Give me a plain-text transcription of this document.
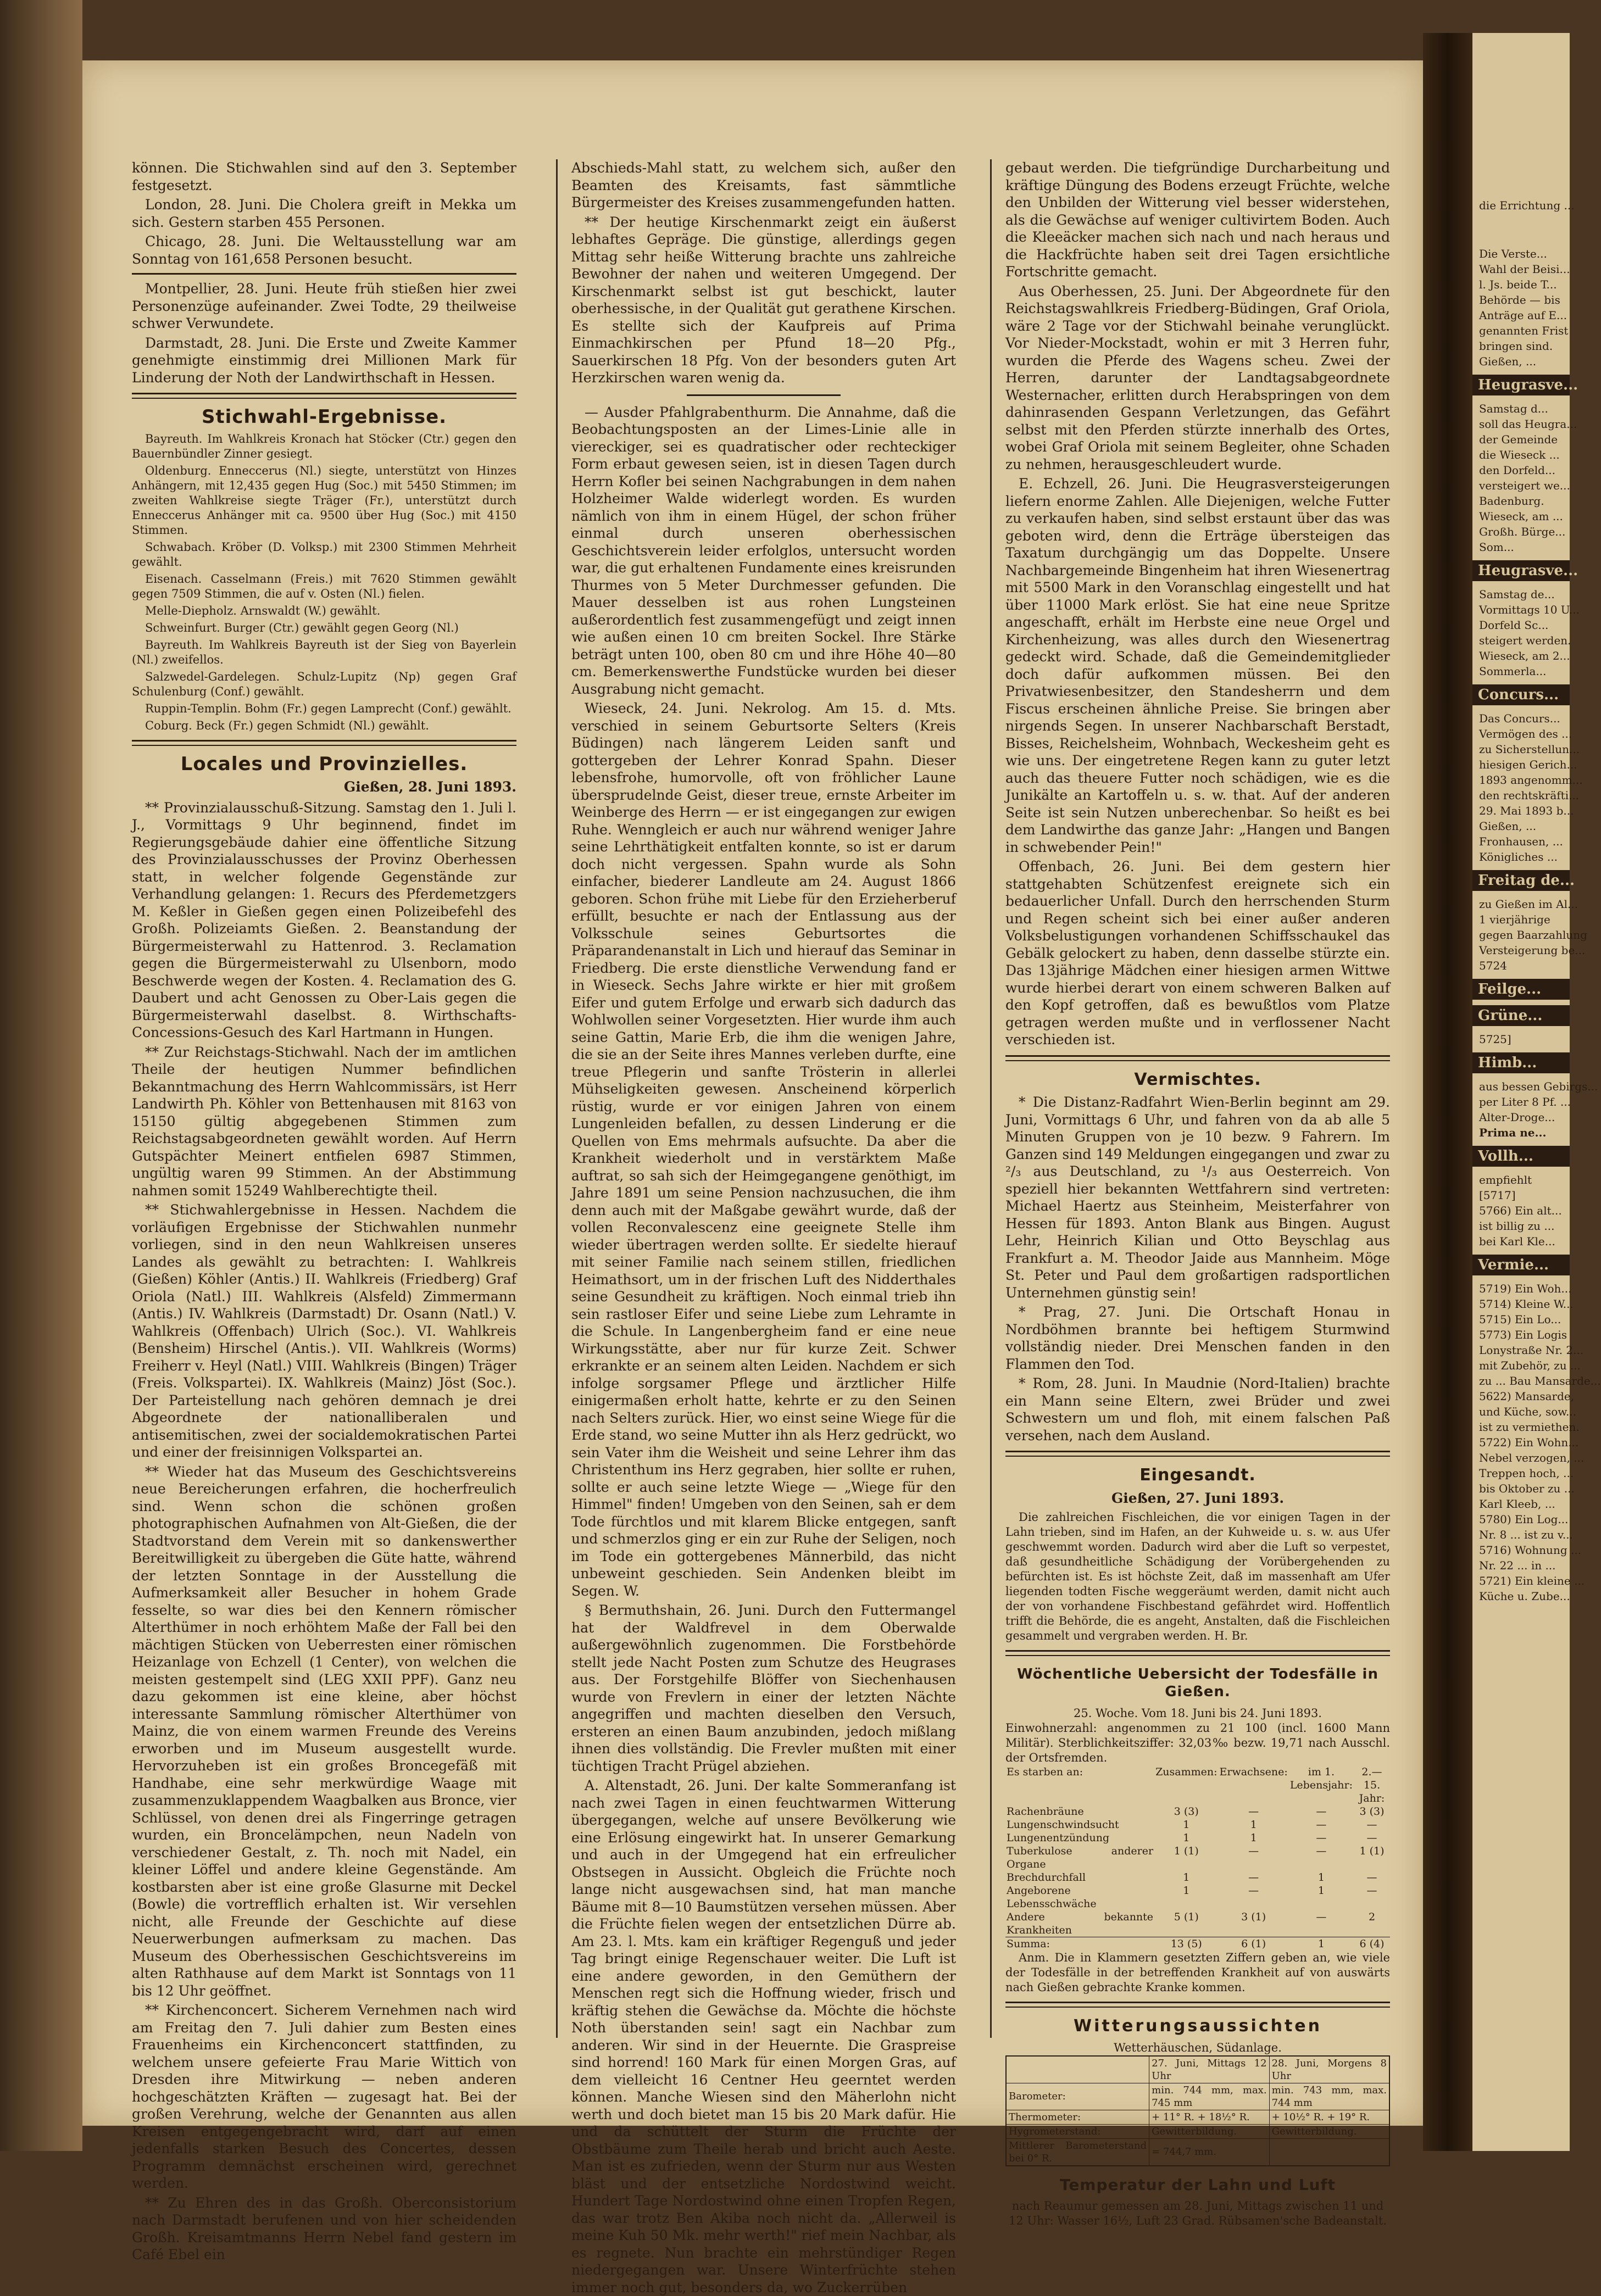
können. Die Stichwahlen sind auf den 3. September festgesetzt.

London, 28. Juni. Die Cholera greift in Mekka um sich. Gestern starben 455 Personen.

Chicago, 28. Juni. Die Weltausstellung war am Sonntag von 161,658 Personen besucht.

Montpellier, 28. Juni. Heute früh stießen hier zwei Personenzüge aufeinander. Zwei Todte, 29 theilweise schwer Verwundete.

Darmstadt, 28. Juni. Die Erste und Zweite Kammer genehmigte einstimmig drei Millionen Mark für Linderung der Noth der Landwirthschaft in Hessen.

Stichwahl-Ergebnisse.

Bayreuth. Im Wahlkreis Kronach hat Stöcker (Ctr.) gegen den Bauernbündler Zinner gesiegt.

Oldenburg. Enneccerus (Nl.) siegte, unterstützt von Hinzes Anhängern, mit 12,435 gegen Hug (Soc.) mit 5450 Stimmen; im zweiten Wahlkreise siegte Träger (Fr.), unterstützt durch Enneccerus Anhänger mit ca. 9500 über Hug (Soc.) mit 4150 Stimmen.

Schwabach. Kröber (D. Volksp.) mit 2300 Stimmen Mehrheit gewählt.

Eisenach. Casselmann (Freis.) mit 7620 Stimmen gewählt gegen 7509 Stimmen, die auf v. Osten (Nl.) fielen.

Melle-Diepholz. Arnswaldt (W.) gewählt.

Schweinfurt. Burger (Ctr.) gewählt gegen Georg (Nl.)

Bayreuth. Im Wahlkreis Bayreuth ist der Sieg von Bayerlein (Nl.) zweifellos.

Salzwedel-Gardelegen. Schulz-Lupitz (Np) gegen Graf Schulenburg (Conf.) gewählt.

Ruppin-Templin. Bohm (Fr.) gegen Lamprecht (Conf.) gewählt.

Coburg. Beck (Fr.) gegen Schmidt (Nl.) gewählt.

Locales und Provinzielles.
Gießen, 28. Juni 1893.

** Provinzialausschuß-Sitzung. Samstag den 1. Juli l. J., Vormittags 9 Uhr beginnend, findet im Regierungsgebäude dahier eine öffentliche Sitzung des Provinzialausschusses der Provinz Oberhessen statt, in welcher folgende Gegenstände zur Verhandlung gelangen: 1. Recurs des Pferdemetzgers M. Keßler in Gießen gegen einen Polizeibefehl des Großh. Polizeiamts Gießen. 2. Beanstandung der Bürgermeisterwahl zu Hattenrod. 3. Reclamation gegen die Bürgermeisterwahl zu Ulsenborn, modo Beschwerde wegen der Kosten. 4. Reclamation des G. Daubert und acht Genossen zu Ober-Lais gegen die Bürgermeisterwahl daselbst. 8. Wirthschafts-Concessions-Gesuch des Karl Hartmann in Hungen.

** Zur Reichstags-Stichwahl. Nach der im amtlichen Theile der heutigen Nummer befindlichen Bekanntmachung des Herrn Wahlcommissärs, ist Herr Landwirth Ph. Köhler von Bettenhausen mit 8163 von 15150 gültig abgegebenen Stimmen zum Reichstagsabgeordneten gewählt worden. Auf Herrn Gutspächter Meinert entfielen 6987 Stimmen, ungültig waren 99 Stimmen. An der Abstimmung nahmen somit 15249 Wahlberechtigte theil.

** Stichwahlergebnisse in Hessen. Nachdem die vorläufigen Ergebnisse der Stichwahlen nunmehr vorliegen, sind in den neun Wahlkreisen unseres Landes als gewählt zu betrachten: I. Wahlkreis (Gießen) Köhler (Antis.) II. Wahlkreis (Friedberg) Graf Oriola (Natl.) III. Wahlkreis (Alsfeld) Zimmermann (Antis.) IV. Wahlkreis (Darmstadt) Dr. Osann (Natl.) V. Wahlkreis (Offenbach) Ulrich (Soc.). VI. Wahlkreis (Bensheim) Hirschel (Antis.). VII. Wahlkreis (Worms) Freiherr v. Heyl (Natl.) VIII. Wahlkreis (Bingen) Träger (Freis. Volkspartei). IX. Wahlkreis (Mainz) Jöst (Soc.). Der Parteistellung nach gehören demnach je drei Abgeordnete der nationalliberalen und antisemitischen, zwei der socialdemokratischen Partei und einer der freisinnigen Volkspartei an.

** Wieder hat das Museum des Geschichtsvereins neue Bereicherungen erfahren, die hocherfreulich sind. Wenn schon die schönen großen photographischen Aufnahmen von Alt-Gießen, die der Stadtvorstand dem Verein mit so dankenswerther Bereitwilligkeit zu übergeben die Güte hatte, während der letzten Sonntage in der Ausstellung die Aufmerksamkeit aller Besucher in hohem Grade fesselte, so war dies bei den Kennern römischer Alterthümer in noch erhöhtem Maße der Fall bei den mächtigen Stücken von Ueberresten einer römischen Heizanlage von Echzell (1 Center), von welchen die meisten gestempelt sind (LEG XXII PPF). Ganz neu dazu gekommen ist eine kleine, aber höchst interessante Sammlung römischer Alterthümer von Mainz, die von einem warmen Freunde des Vereins erworben und im Museum ausgestellt wurde. Hervorzuheben ist ein großes Broncegefäß mit Handhabe, eine sehr merkwürdige Waage mit zusammenzuklappendem Waagbalken aus Bronce, vier Schlüssel, von denen drei als Fingerringe getragen wurden, ein Broncelämpchen, neun Nadeln von verschiedener Gestalt, z. Th. noch mit Nadel, ein kleiner Löffel und andere kleine Gegenstände. Am kostbarsten aber ist eine große Glasurne mit Deckel (Bowle) die vortrefflich erhalten ist. Wir versehlen nicht, alle Freunde der Geschichte auf diese Neuerwerbungen aufmerksam zu machen. Das Museum des Oberhessischen Geschichtsvereins im alten Rathhause auf dem Markt ist Sonntags von 11 bis 12 Uhr geöffnet.

** Kirchenconcert. Sicherem Vernehmen nach wird am Freitag den 7. Juli dahier zum Besten eines Frauenheims ein Kirchenconcert stattfinden, zu welchem unsere gefeierte Frau Marie Wittich von Dresden ihre Mitwirkung — neben anderen hochgeschätzten Kräften — zugesagt hat. Bei der großen Verehrung, welche der Genannten aus allen Kreisen entgegengebracht wird, darf auf einen jedenfalls starken Besuch des Concertes, dessen Programm demnächst erscheinen wird, gerechnet werden.

** Zu Ehren des in das Großh. Oberconsistorium nach Darmstadt berufenen und von hier scheidenden Großh. Kreisamtmanns Herrn Nebel fand gestern im Café Ebel ein

Abschieds-Mahl statt, zu welchem sich, außer den Beamten des Kreisamts, fast sämmtliche Bürgermeister des Kreises zusammengefunden hatten.

** Der heutige Kirschenmarkt zeigt ein äußerst lebhaftes Gepräge. Die günstige, allerdings gegen Mittag sehr heiße Witterung brachte uns zahlreiche Bewohner der nahen und weiteren Umgegend. Der Kirschenmarkt selbst ist gut beschickt, lauter oberhessische, in der Qualität gut gerathene Kirschen. Es stellte sich der Kaufpreis auf Prima Einmachkirschen per Pfund 18—20 Pfg., Sauerkirschen 18 Pfg. Von der besonders guten Art Herzkirschen waren wenig da.

— Ausder Pfahlgrabenthurm. Die Annahme, daß die Beobachtungsposten an der Limes-Linie alle in viereckiger, sei es quadratischer oder rechteckiger Form erbaut gewesen seien, ist in diesen Tagen durch Herrn Kofler bei seinen Nachgrabungen in dem nahen Holzheimer Walde widerlegt worden. Es wurden nämlich von ihm in einem Hügel, der schon früher einmal durch unseren oberhessischen Geschichtsverein leider erfolglos, untersucht worden war, die gut erhaltenen Fundamente eines kreisrunden Thurmes von 5 Meter Durchmesser gefunden. Die Mauer desselben ist aus rohen Lungsteinen außerordentlich fest zusammengefügt und zeigt innen wie außen einen 10 cm breiten Sockel. Ihre Stärke beträgt unten 100, oben 80 cm und ihre Höhe 40—80 cm. Bemerkenswerthe Fundstücke wurden bei dieser Ausgrabung nicht gemacht.

Wieseck, 24. Juni. Nekrolog. Am 15. d. Mts. verschied in seinem Geburtsorte Selters (Kreis Büdingen) nach längerem Leiden sanft und gottergeben der Lehrer Konrad Spahn. Dieser lebensfrohe, humorvolle, oft von fröhlicher Laune übersprudelnde Geist, dieser treue, ernste Arbeiter im Weinberge des Herrn — er ist eingegangen zur ewigen Ruhe. Wenngleich er auch nur während weniger Jahre seine Lehrthätigkeit entfalten konnte, so ist er darum doch nicht vergessen. Spahn wurde als Sohn einfacher, biederer Landleute am 24. August 1866 geboren. Schon frühe mit Liebe für den Erzieherberuf erfüllt, besuchte er nach der Entlassung aus der Volksschule seines Geburtsortes die Präparandenanstalt in Lich und hierauf das Seminar in Friedberg. Die erste dienstliche Verwendung fand er in Wieseck. Sechs Jahre wirkte er hier mit großem Eifer und gutem Erfolge und erwarb sich dadurch das Wohlwollen seiner Vorgesetzten. Hier wurde ihm auch seine Gattin, Marie Erb, die ihm die wenigen Jahre, die sie an der Seite ihres Mannes verleben durfte, eine treue Pflegerin und sanfte Trösterin in allerlei Mühseligkeiten gewesen. Anscheinend körperlich rüstig, wurde er vor einigen Jahren von einem Lungenleiden befallen, zu dessen Linderung er die Quellen von Ems mehrmals aufsuchte. Da aber die Krankheit wiederholt und in verstärktem Maße auftrat, so sah sich der Heimgegangene genöthigt, im Jahre 1891 um seine Pension nachzusuchen, die ihm denn auch mit der Maßgabe gewährt wurde, daß der vollen Reconvalescenz eine geeignete Stelle ihm wieder übertragen werden sollte. Er siedelte hierauf mit seiner Familie nach seinem stillen, friedlichen Heimathsort, um in der frischen Luft des Nidderthales seine Gesundheit zu kräftigen. Noch einmal trieb ihn sein rastloser Eifer und seine Liebe zum Lehramte in die Schule. In Langenbergheim fand er eine neue Wirkungsstätte, aber nur für kurze Zeit. Schwer erkrankte er an seinem alten Leiden. Nachdem er sich infolge sorgsamer Pflege und ärztlicher Hilfe einigermaßen erholt hatte, kehrte er zu den Seinen nach Selters zurück. Hier, wo einst seine Wiege für die Erde stand, wo seine Mutter ihn als Herz gedrückt, wo sein Vater ihm die Weisheit und seine Lehrer ihm das Christenthum ins Herz gegraben, hier sollte er ruhen, sollte er auch seine letzte Wiege — „Wiege für den Himmel" finden! Umgeben von den Seinen, sah er dem Tode fürchtlos und mit klarem Blicke entgegen, sanft und schmerzlos ging er ein zur Ruhe der Seligen, noch im Tode ein gottergebenes Männerbild, das nicht unbeweint geschieden. Sein Andenken bleibt im Segen. W.

§ Bermuthshain, 26. Juni. Durch den Futtermangel hat der Waldfrevel in dem Oberwalde außergewöhnlich zugenommen. Die Forstbehörde stellt jede Nacht Posten zum Schutze des Heugrases aus. Der Forstgehilfe Blöffer von Siechenhausen wurde von Frevlern in einer der letzten Nächte angegriffen und machten dieselben den Versuch, ersteren an einen Baum anzubinden, jedoch mißlang ihnen dies vollständig. Die Frevler mußten mit einer tüchtigen Tracht Prügel abziehen.

A. Altenstadt, 26. Juni. Der kalte Sommeranfang ist nach zwei Tagen in einen feuchtwarmen Witterung übergegangen, welche auf unsere Bevölkerung wie eine Erlösung eingewirkt hat. In unserer Gemarkung und auch in der Umgegend hat ein erfreulicher Obstsegen in Aussicht. Obgleich die Früchte noch lange nicht ausgewachsen sind, hat man manche Bäume mit 8—10 Baumstützen versehen müssen. Aber die Früchte fielen wegen der entsetzlichen Dürre ab. Am 23. l. Mts. kam ein kräftiger Regenguß und jeder Tag bringt einige Regenschauer weiter. Die Luft ist eine andere geworden, in den Gemüthern der Menschen regt sich die Hoffnung wieder, frisch und kräftig stehen die Gewächse da. Möchte die höchste Noth überstanden sein! sagt ein Nachbar zum anderen. Wir sind in der Heuernte. Die Graspreise sind horrend! 160 Mark für einen Morgen Gras, auf dem vielleicht 16 Centner Heu geerntet werden können. Manche Wiesen sind den Mäherlohn nicht werth und doch bietet man 15 bis 20 Mark dafür. Hie und da schüttelt der Sturm die Früchte der Obstbäume zum Theile herab und bricht auch Aeste. Man ist es zufrieden, wenn der Sturm nur aus Westen bläst und der entsetzliche Nordostwind weicht. Hundert Tage Nordostwind ohne einen Tropfen Regen, das war trotz Ben Akiba noch nicht da. „Allerweil is meine Kuh 50 Mk. mehr werth!" rief mein Nachbar, als es regnete. Nun brachte ein mehrstündiger Regen niedergegangen war. Unsere Winterfrüchte stehen immer noch gut, besonders da, wo Zuckerrüben

gebaut werden. Die tiefgründige Durcharbeitung und kräftige Düngung des Bodens erzeugt Früchte, welche den Unbilden der Witterung viel besser widerstehen, als die Gewächse auf weniger cultivirtem Boden. Auch die Kleeäcker machen sich nach und nach heraus und die Hackfrüchte haben seit drei Tagen ersichtliche Fortschritte gemacht.

Aus Oberhessen, 25. Juni. Der Abgeordnete für den Reichstagswahlkreis Friedberg-Büdingen, Graf Oriola, wäre 2 Tage vor der Stichwahl beinahe verunglückt. Vor Nieder-Mockstadt, wohin er mit 3 Herren fuhr, wurden die Pferde des Wagens scheu. Zwei der Herren, darunter der Landtagsabgeordnete Westernacher, erlitten durch Herabspringen von dem dahinrasenden Gespann Verletzungen, das Gefährt selbst mit den Pferden stürzte innerhalb des Ortes, wobei Graf Oriola mit seinem Begleiter, ohne Schaden zu nehmen, herausgeschleudert wurde.

E. Echzell, 26. Juni. Die Heugrasversteigerungen liefern enorme Zahlen. Alle Diejenigen, welche Futter zu verkaufen haben, sind selbst erstaunt über das was geboten wird, denn die Erträge übersteigen das Taxatum durchgängig um das Doppelte. Unsere Nachbargemeinde Bingenheim hat ihren Wiesenertrag mit 5500 Mark in den Voranschlag eingestellt und hat über 11000 Mark erlöst. Sie hat eine neue Spritze angeschafft, erhält im Herbste eine neue Orgel und Kirchenheizung, was alles durch den Wiesenertrag gedeckt wird. Schade, daß die Gemeindemitglieder doch dafür aufkommen müssen. Bei den Privatwiesenbesitzer, den Standesherrn und dem Fiscus erscheinen ähnliche Preise. Sie bringen aber nirgends Segen. In unserer Nachbarschaft Berstadt, Bisses, Reichelsheim, Wohnbach, Weckesheim geht es wie uns. Der eingetretene Regen kann zu guter letzt auch das theuere Futter noch schädigen, wie es die Junikälte an Kartoffeln u. s. w. that. Auf der anderen Seite ist sein Nutzen unberechenbar. So heißt es bei dem Landwirthe das ganze Jahr: „Hangen und Bangen in schwebender Pein!"

Offenbach, 26. Juni. Bei dem gestern hier stattgehabten Schützenfest ereignete sich ein bedauerlicher Unfall. Durch den herrschenden Sturm und Regen scheint sich bei einer außer anderen Volksbelustigungen vorhandenen Schiffsschaukel das Gebälk gelockert zu haben, denn dasselbe stürzte ein. Das 13jährige Mädchen einer hiesigen armen Wittwe wurde hierbei derart von einem schweren Balken auf den Kopf getroffen, daß es bewußtlos vom Platze getragen werden mußte und in verflossener Nacht verschieden ist.

Vermischtes.

* Die Distanz-Radfahrt Wien-Berlin beginnt am 29. Juni, Vormittags 6 Uhr, und fahren von da ab alle 5 Minuten Gruppen von je 10 bezw. 9 Fahrern. Im Ganzen sind 149 Meldungen eingegangen und zwar zu ²/₃ aus Deutschland, zu ¹/₃ aus Oesterreich. Von speziell hier bekannten Wettfahrern sind vertreten: Michael Haertz aus Steinheim, Meisterfahrer von Hessen für 1893. Anton Blank aus Bingen. August Lehr, Heinrich Kilian und Otto Beyschlag aus Frankfurt a. M. Theodor Jaide aus Mannheim. Möge St. Peter und Paul dem großartigen radsportlichen Unternehmen günstig sein!

* Prag, 27. Juni. Die Ortschaft Honau in Nordböhmen brannte bei heftigem Sturmwind vollständig nieder. Drei Menschen fanden in den Flammen den Tod.

* Rom, 28. Juni. In Maudnie (Nord-Italien) brachte ein Mann seine Eltern, zwei Brüder und zwei Schwestern um und floh, mit einem falschen Paß versehen, nach dem Ausland.

Eingesandt.
Gießen, 27. Juni 1893.

Die zahlreichen Fischleichen, die vor einigen Tagen in der Lahn trieben, sind im Hafen, an der Kuhweide u. s. w. aus Ufer geschwemmt worden. Dadurch wird aber die Luft so verpestet, daß gesundheitliche Schädigung der Vorübergehenden zu befürchten ist. Es ist höchste Zeit, daß im massenhaft am Ufer liegenden todten Fische weggeräumt werden, damit nicht auch der von vorhandene Fischbestand gefährdet wird. Hoffentlich trifft die Behörde, die es angeht, Anstalten, daß die Fischleichen gesammelt und vergraben werden. H. Br.

Wöchentliche Uebersicht der Todesfälle in Gießen.
25. Woche. Vom 18. Juni bis 24. Juni 1893.
Einwohnerzahl: angenommen zu 21 100 (incl. 1600 Mann Militär). Sterblichkeitsziffer: 32,03‰ bezw. 19,71 nach Ausschl. der Ortsfremden.
Es starben an:	Zusammen:	Erwachsene:	im 1. Lebensjahr:	2.—15. Jahr:
Rachenbräune	3 (3)	—	—	3 (3)
Lungenschwindsucht	1	1	—	—
Lungenentzündung	1	1	—	—
Tuberkulose anderer Organe	1 (1)	—	—	1 (1)
Brechdurchfall	1	—	1	—
Angeborene Lebensschwäche	1	—	1	—
Andere bekannte Krankheiten	5 (1)	3 (1)	—	2
Summa:	13 (5)	6 (1)	1	6 (4)

Anm. Die in Klammern gesetzten Ziffern geben an, wie viele der Todesfälle in der betreffenden Krankheit auf von auswärts nach Gießen gebrachte Kranke kommen.

Witterungsaussichten
Wetterhäuschen, Südanlage.
	27. Juni, Mittags 12 Uhr	28. Juni, Morgens 8 Uhr
Barometer:	min. 744 mm, max. 745 mm	min. 743 mm, max. 744 mm
Thermometer:	+ 11° R. + 18½° R.	+ 10½° R. + 19° R.
Hygrometerstand:	Gewitterbildung.	Gewitterbildung.
Mittlerer Barometerstand bei 0° R.	= 744,7 mm.	
Temperatur der Lahn und Luft

nach Reaumur gemessen am 28. Juni, Mittags zwischen 11 und 12 Uhr: Wasser 16½, Luft 23 Grad. Rübsamen'sche Badeanstalt.

die Errichtung ...
Die Verste...
Wahl der Beisi...
l. Js. beide T...
Behörde — bis
Anträge auf E...
genannten Frist
bringen sind.
Gießen, ...
Heugrasve...
Samstag d...
soll das Heugra...
der Gemeinde
die Wieseck ...
den Dorfeld...
versteigert we...
Badenburg.
Wieseck, am ...
Großh. Bürge...
Som...
Heugrasve...
Samstag de...
Vormittags 10 U...
Dorfeld Sc...
steigert werden.
Wieseck, am 2...
Sommerla...
Concurs...
Das Concurs...
Vermögen des ...
zu Sicherstellun...
hiesigen Gerich...
1893 angenomm...
den rechtskräfti...
29. Mai 1893 b...
Gießen, ...
Fronhausen, ...
Königliches ...
Freitag de...
zu Gießen im Al...
1 vierjährige
gegen Baarzahlung
Versteigerung be...
5724
Feilge...
Grüne...
5725]
Himb...
aus bessen Gebirgs...
per Liter 8 Pf. ...
Alter-Droge...
Prima ne...
Vollh...
empfiehlt
[5717]
5766) Ein alt...
ist billig zu ...
bei Karl Kle...
Vermie...
5719) Ein Woh...
5714) Kleine W...
5715) Ein Lo...
5773) Ein Logis
Lonystraße Nr. 2...
mit Zubehör, zu ...
zu ... Bau Mansarde...
5622) Mansarde,
und Küche, sow...
ist zu vermiethen.
5722) Ein Wohn...
Nebel verzogen, ...
Treppen hoch, ...
bis Oktober zu ...
Karl Kleeb, ...
5780) Ein Log...
Nr. 8 ... ist zu v...
5716) Wohnung ...
Nr. 22 ... in ...
5721) Ein kleine ...
Küche u. Zube...
